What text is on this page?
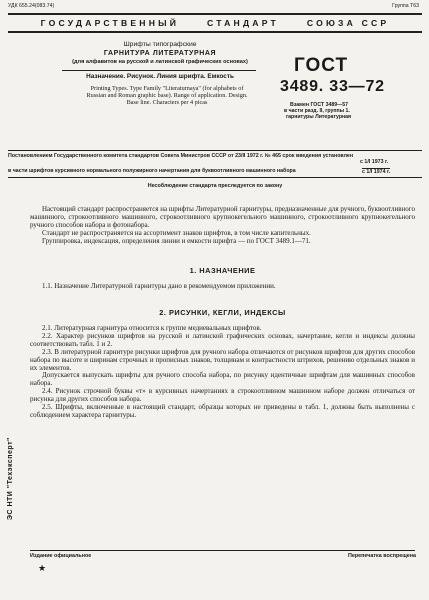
УДК 655.24(083.74)	Группа Т63
ГОСУДАРСТВЕННЫЙ     СТАНДАРТ     СОЮЗА ССР
Шрифты типографские
ГАРНИТУРА ЛИТЕРАТУРНАЯ
(для алфавитов на русской и латинской графических основах)
Назначение. Рисунок. Линия шрифта. Емкость
Printing Types. Type Family "Literaturnaya" (for alphabets of Russian and Roman graphic base). Range of application. Design. Base line. Characters per 4 picas
ГОСТ
3489. 33—72
Взамен ГОСТ 3489—57
в части разд. II, группы 1.
гарнитуры Литературная
Постановлением Государственного комитета стандартов Совета Министров СССР от 23/II 1972 г. № 465 срок введения установлен
с 1/I 1973 г.
в части шрифтов курсивного нормального полужирного начертания для буквоотливного машинного набора	с 1/I 1974 г.
Несоблюдение стандарта преследуется по закону

Настоящий стандарт распространяется на шрифты Литературной гарнитуры, предназначенные для ручного, буквоотливного машинного, строкоотливного машинного, строкоотливного крупнокегельного машинного, строкоотливного крупнокегельного ручного способов набора и фотонабора.

Стандарт не распространяется на ассортимент знаков шрифтов, в том числе капительных.

Группировка, индексация, определения линии и емкости шрифта — по ГОСТ 3489.1—71.

1. НАЗНАЧЕНИЕ

1.1. Назначение Литературной гарнитуры дано в рекомендуемом приложении.

2. РИСУНКИ, КЕГЛИ, ИНДЕКСЫ

2.1. Литературная гарнитура относится к группе медиевальных шрифтов.

2.2. Характер рисунков шрифтов на русской и латинской графических основах, начертание, кегли и индексы должны соответствовать табл. 1 и 2.

2.3. В литературной гарнитуре рисунки шрифтов для ручного набора отличаются от рисунков шрифтов для других способов набора по высоте и ширинам строчных и прописных знаков, толщинам и контрастности штрихов, решению отдельных знаков и их элементов.

Допускается выпускать шрифты для ручного способа набора, по рисунку идентичные шрифтам для машинных способов набора.

2.4. Рисунок строчной буквы «т» в курсивных начертаниях в строкоотливном машинном наборе должен отличаться от рисунка для других способов набора.

2.5. Шрифты, включенные в настоящий стандарт, образцы которых не приведены в табл. 1, должны быть выполнены с соблюдением характера гарнитуры.

ЭС НТИ "Техэксперт"
Издание официальное	Перепечатка воспрещена
★
